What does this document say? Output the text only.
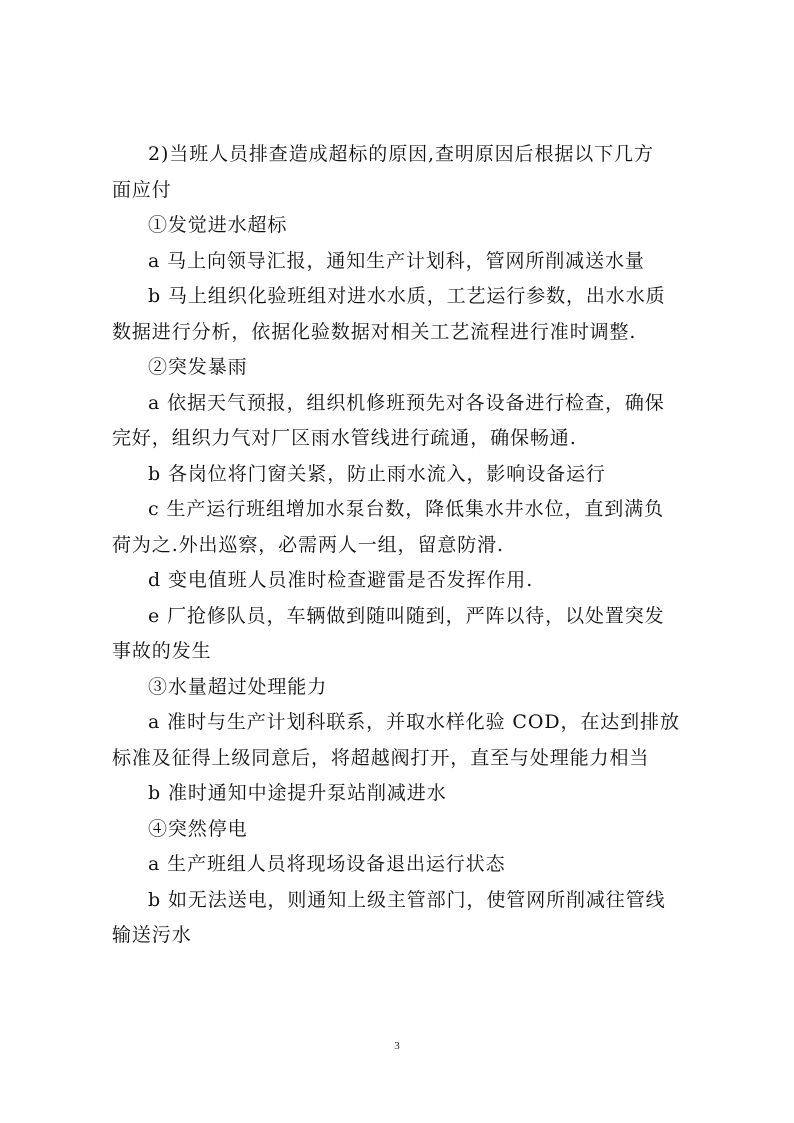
2)当班人员排查造成超标的原因,查明原因后根据以下几方
面应付
①发觉进水超标
a 马上向领导汇报，通知生产计划科，管网所削减送水量
b 马上组织化验班组对进水水质，工艺运行参数，出水水质
数据进行分析，依据化验数据对相关工艺流程进行准时调整.
②突发暴雨
a 依据天气预报，组织机修班预先对各设备进行检查，确保
完好，组织力气对厂区雨水管线进行疏通，确保畅通.
b 各岗位将门窗关紧，防止雨水流入，影响设备运行
c 生产运行班组增加水泵台数，降低集水井水位，直到满负
荷为之.外出巡察，必需两人一组，留意防滑.
d 变电值班人员准时检查避雷是否发挥作用.
e 厂抢修队员，车辆做到随叫随到，严阵以待，以处置突发
事故的发生
③水量超过处理能力
a 准时与生产计划科联系，并取水样化验 COD，在达到排放
标准及征得上级同意后，将超越阀打开，直至与处理能力相当
b 准时通知中途提升泵站削减进水
④突然停电
a 生产班组人员将现场设备退出运行状态
b 如无法送电，则通知上级主管部门，使管网所削减往管线
输送污水
3
